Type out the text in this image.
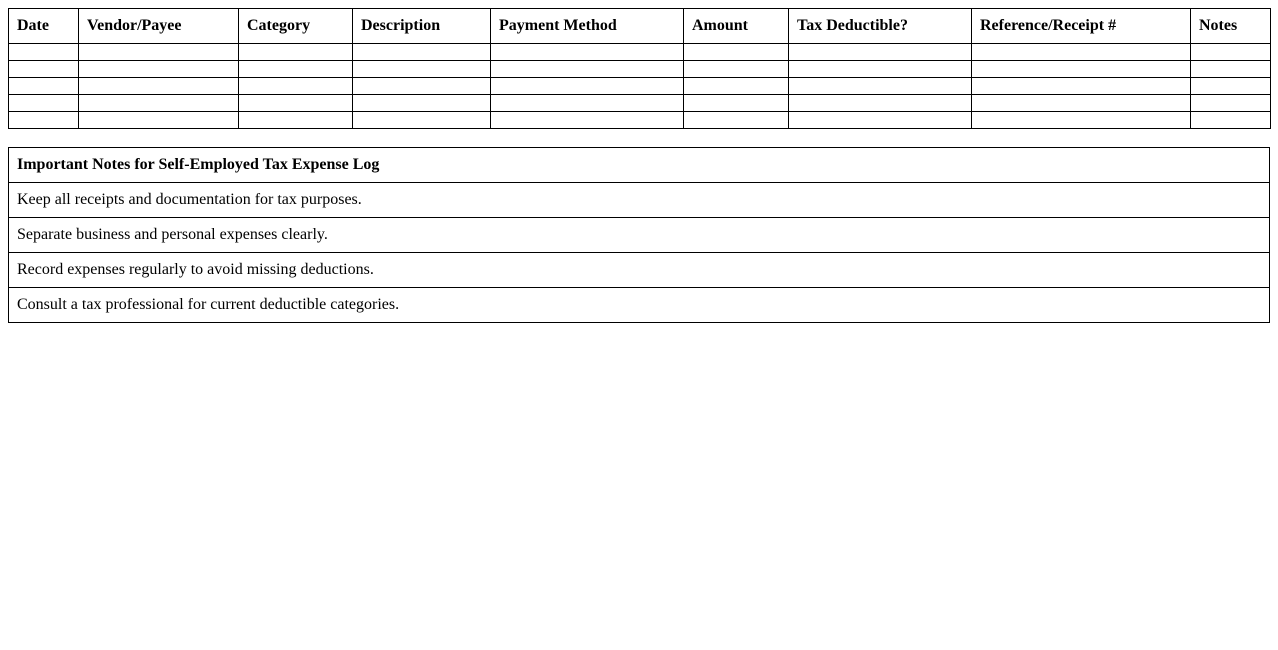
Date	Vendor/Payee	Category	Description	Payment Method	Amount	Tax Deductible?	Reference/Receipt #	Notes

Important Notes for Self-Employed Tax Expense Log
Keep all receipts and documentation for tax purposes.
Separate business and personal expenses clearly.
Record expenses regularly to avoid missing deductions.
Consult a tax professional for current deductible categories.
